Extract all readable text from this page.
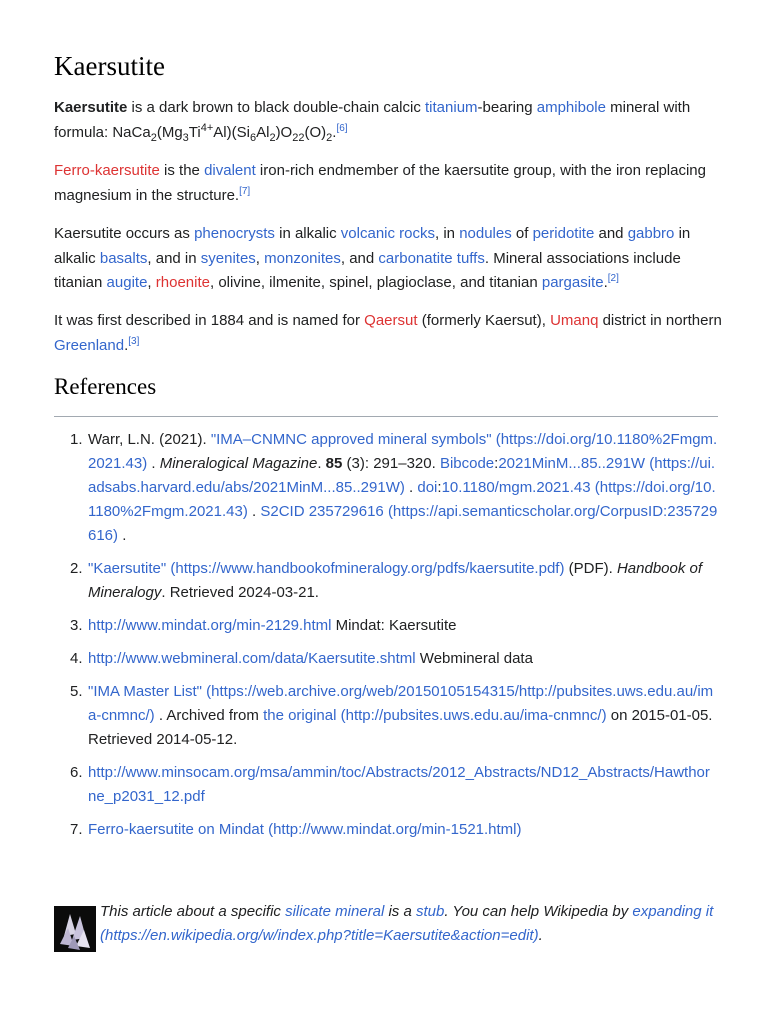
Kaersutite

Kaersutite is a dark brown to black double-chain calcic titanium-bearing amphibole mineral with formula: $NaCa_2(Mg_3Ti^{4+}Al)(Si_6Al_2)O_{22}(O)_2.[6]$

Ferro-kaersutite is the divalent iron-rich endmember of the kaersutite group, with the iron replacing magnesium in the structure.[7]

Kaersutite occurs as phenocrysts in alkalic volcanic rocks, in nodules of peridotite and gabbro in alkalic basalts, and in syenites, monzonites, and carbonatite tuffs. Mineral associations include titanian augite, rhoenite, olivine, ilmenite, spinel, plagioclase, and titanian pargasite.[2]

It was first described in 1884 and is named for Qaersut (formerly Kaersut), Umanq district in northern Greenland.[3]

References
1. Warr, L.N. (2021). "IMA–CNMNC approved mineral symbols" (https://doi.org/10.1180%2Fmgm.2021.43) . Mineralogical Magazine. 85 (3): 291–320. Bibcode:2021MinM...85..291W (https://ui.adsabs.harvard.edu/abs/2021MinM...85..291W) . doi:10.1180/mgm.2021.43 (https://doi.org/10.1180%2Fmgm.2021.43) . S2CID 235729616 (https://api.semanticscholar.org/CorpusID:235729616) .
2. "Kaersutite" (https://www.handbookofmineralogy.org/pdfs/kaersutite.pdf) (PDF). Handbook of Mineralogy. Retrieved 2024-03-21.
3. http://www.mindat.org/min-2129.html Mindat: Kaersutite
4. http://www.webmineral.com/data/Kaersutite.shtml Webmineral data
5. "IMA Master List" (https://web.archive.org/web/20150105154315/http://pubsites.uws.edu.au/ima-cnmnc/) . Archived from the original (http://pubsites.uws.edu.au/ima-cnmnc/) on 2015-01-05. Retrieved 2014-05-12.
6. http://www.minsocam.org/msa/ammin/toc/Abstracts/2012_Abstracts/ND12_Abstracts/Hawthorne_p2031_12.pdf
7. Ferro-kaersutite on Mindat (http://www.mindat.org/min-1521.html)
This article about a specific silicate mineral is a stub. You can help Wikipedia by expanding it (https://en.wikipedia.org/w/index.php?title=Kaersutite&action=edit).
